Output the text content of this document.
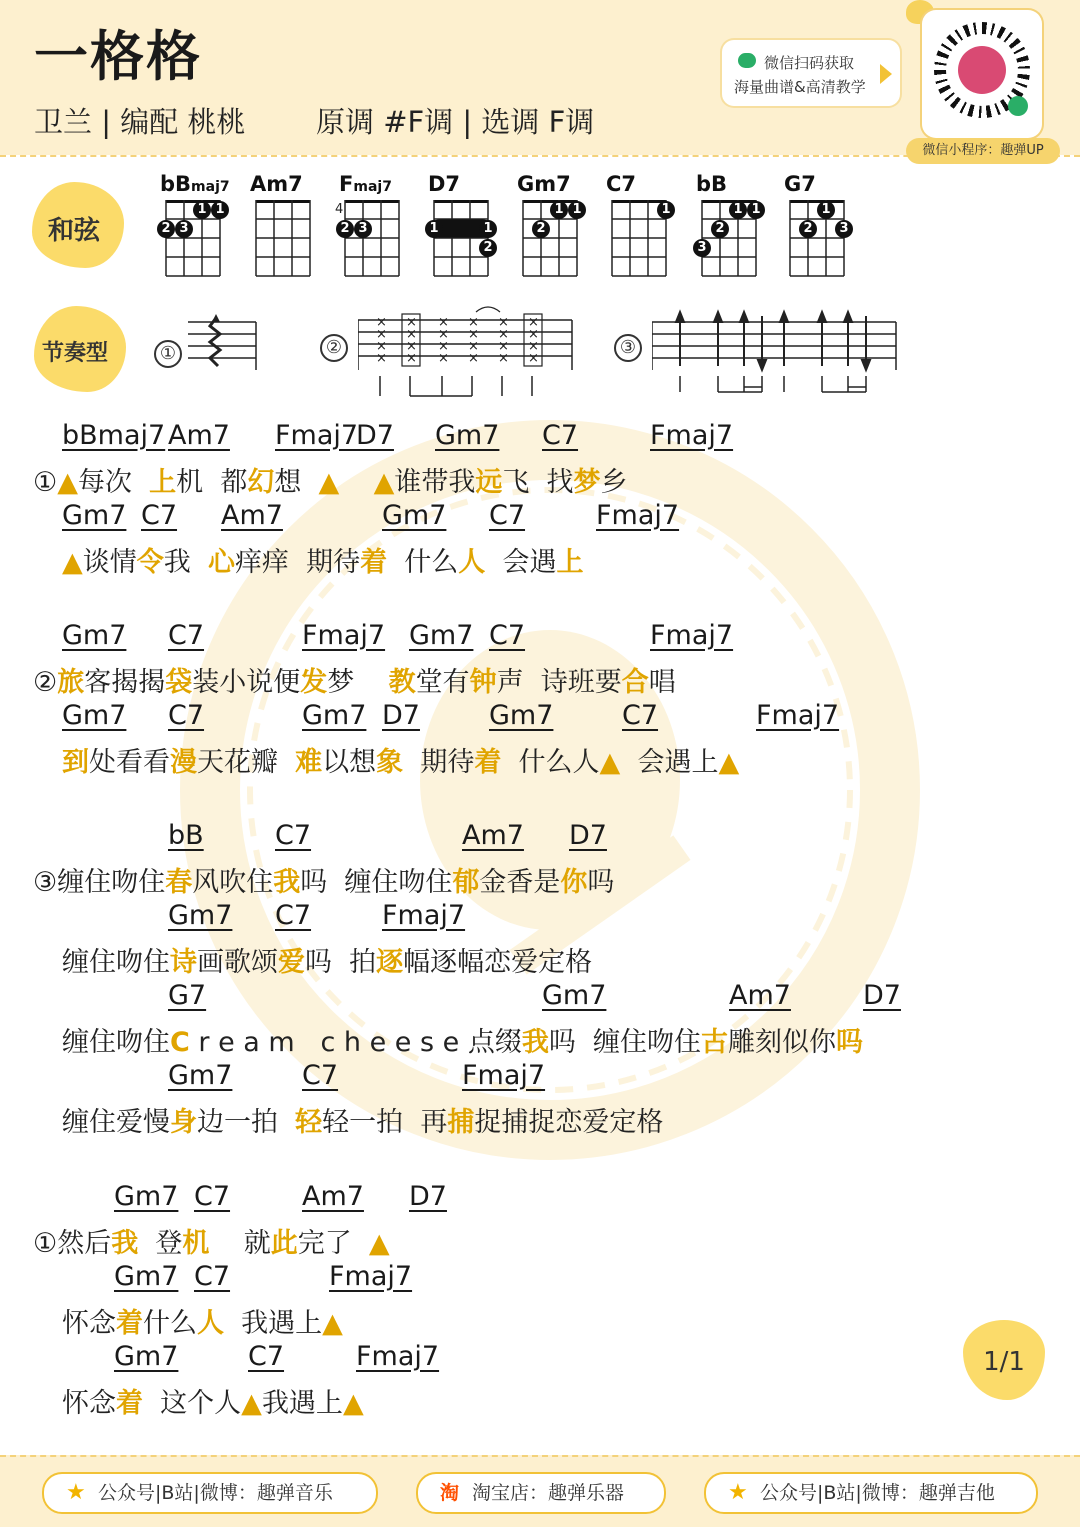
一格格
卫兰 | 编配 桃桃 原调 #F调 | 选调 F调
微信扫码获取
海量曲谱&高清教学
微信小程序：趣弹UP
和弦
bBmaj7
1 1
2 3
Am7 Fmaj7
4
2 3
D7
1	1
2
Gm7
1 1
2
C7
1
bB
1 1
2
3
G7
1
2	3
节奏型	①	②
×
×
×
×
×
×
×
×
×
×
×
×
×
×
×
×
×
×
×
×
×
×
×
×
③
bBmaj7 Am7 Fmaj7
D7 Gm7 C7	Fmaj7
①▲每次  上机  都幻想  ▲ ▲谁带我远飞  找梦乡
Gm7 C7 Am7	Gm7 C7	Fmaj7
▲谈情令我  心痒痒  期待着  什么人  会遇上
Gm7 C7	Fmaj7 Gm7 C7	Fmaj7
②旅客揭揭袋装小说便发梦    教堂有钟声  诗班要合唱
Gm7 C7	Gm7 D7	Gm7	C7	Fmaj7
到处看看漫天花瓣  难以想象  期待着  什么人▲  会遇上▲
bB	C7	Am7 D7
③缠住吻住春风吹住我吗  缠住吻住郁金香是你吗
Gm7 C7	Fmaj7
缠住吻住诗画歌颂爱吗  拍逐幅逐幅恋爱定格
G7	Gm7	Am7	D7
缠住吻住C r e a m   c h e e s e 点缀我吗  缠住吻住古雕刻似你吗
Gm7	C7	Fmaj7
缠住爱慢身边一拍  轻轻一拍  再捕捉捕捉恋爱定格
Gm7 C7	Am7 D7
①然后我  登机    就此完了  ▲
Gm7 C7	Fmaj7
怀念着什么人  我遇上▲
Gm7	C7	Fmaj7
怀念着  这个人▲我遇上▲
1/1
★ 公众号|B站|微博：趣弹音乐	淘 淘宝店：趣弹乐器	★ 公众号|B站|微博：趣弹吉他
